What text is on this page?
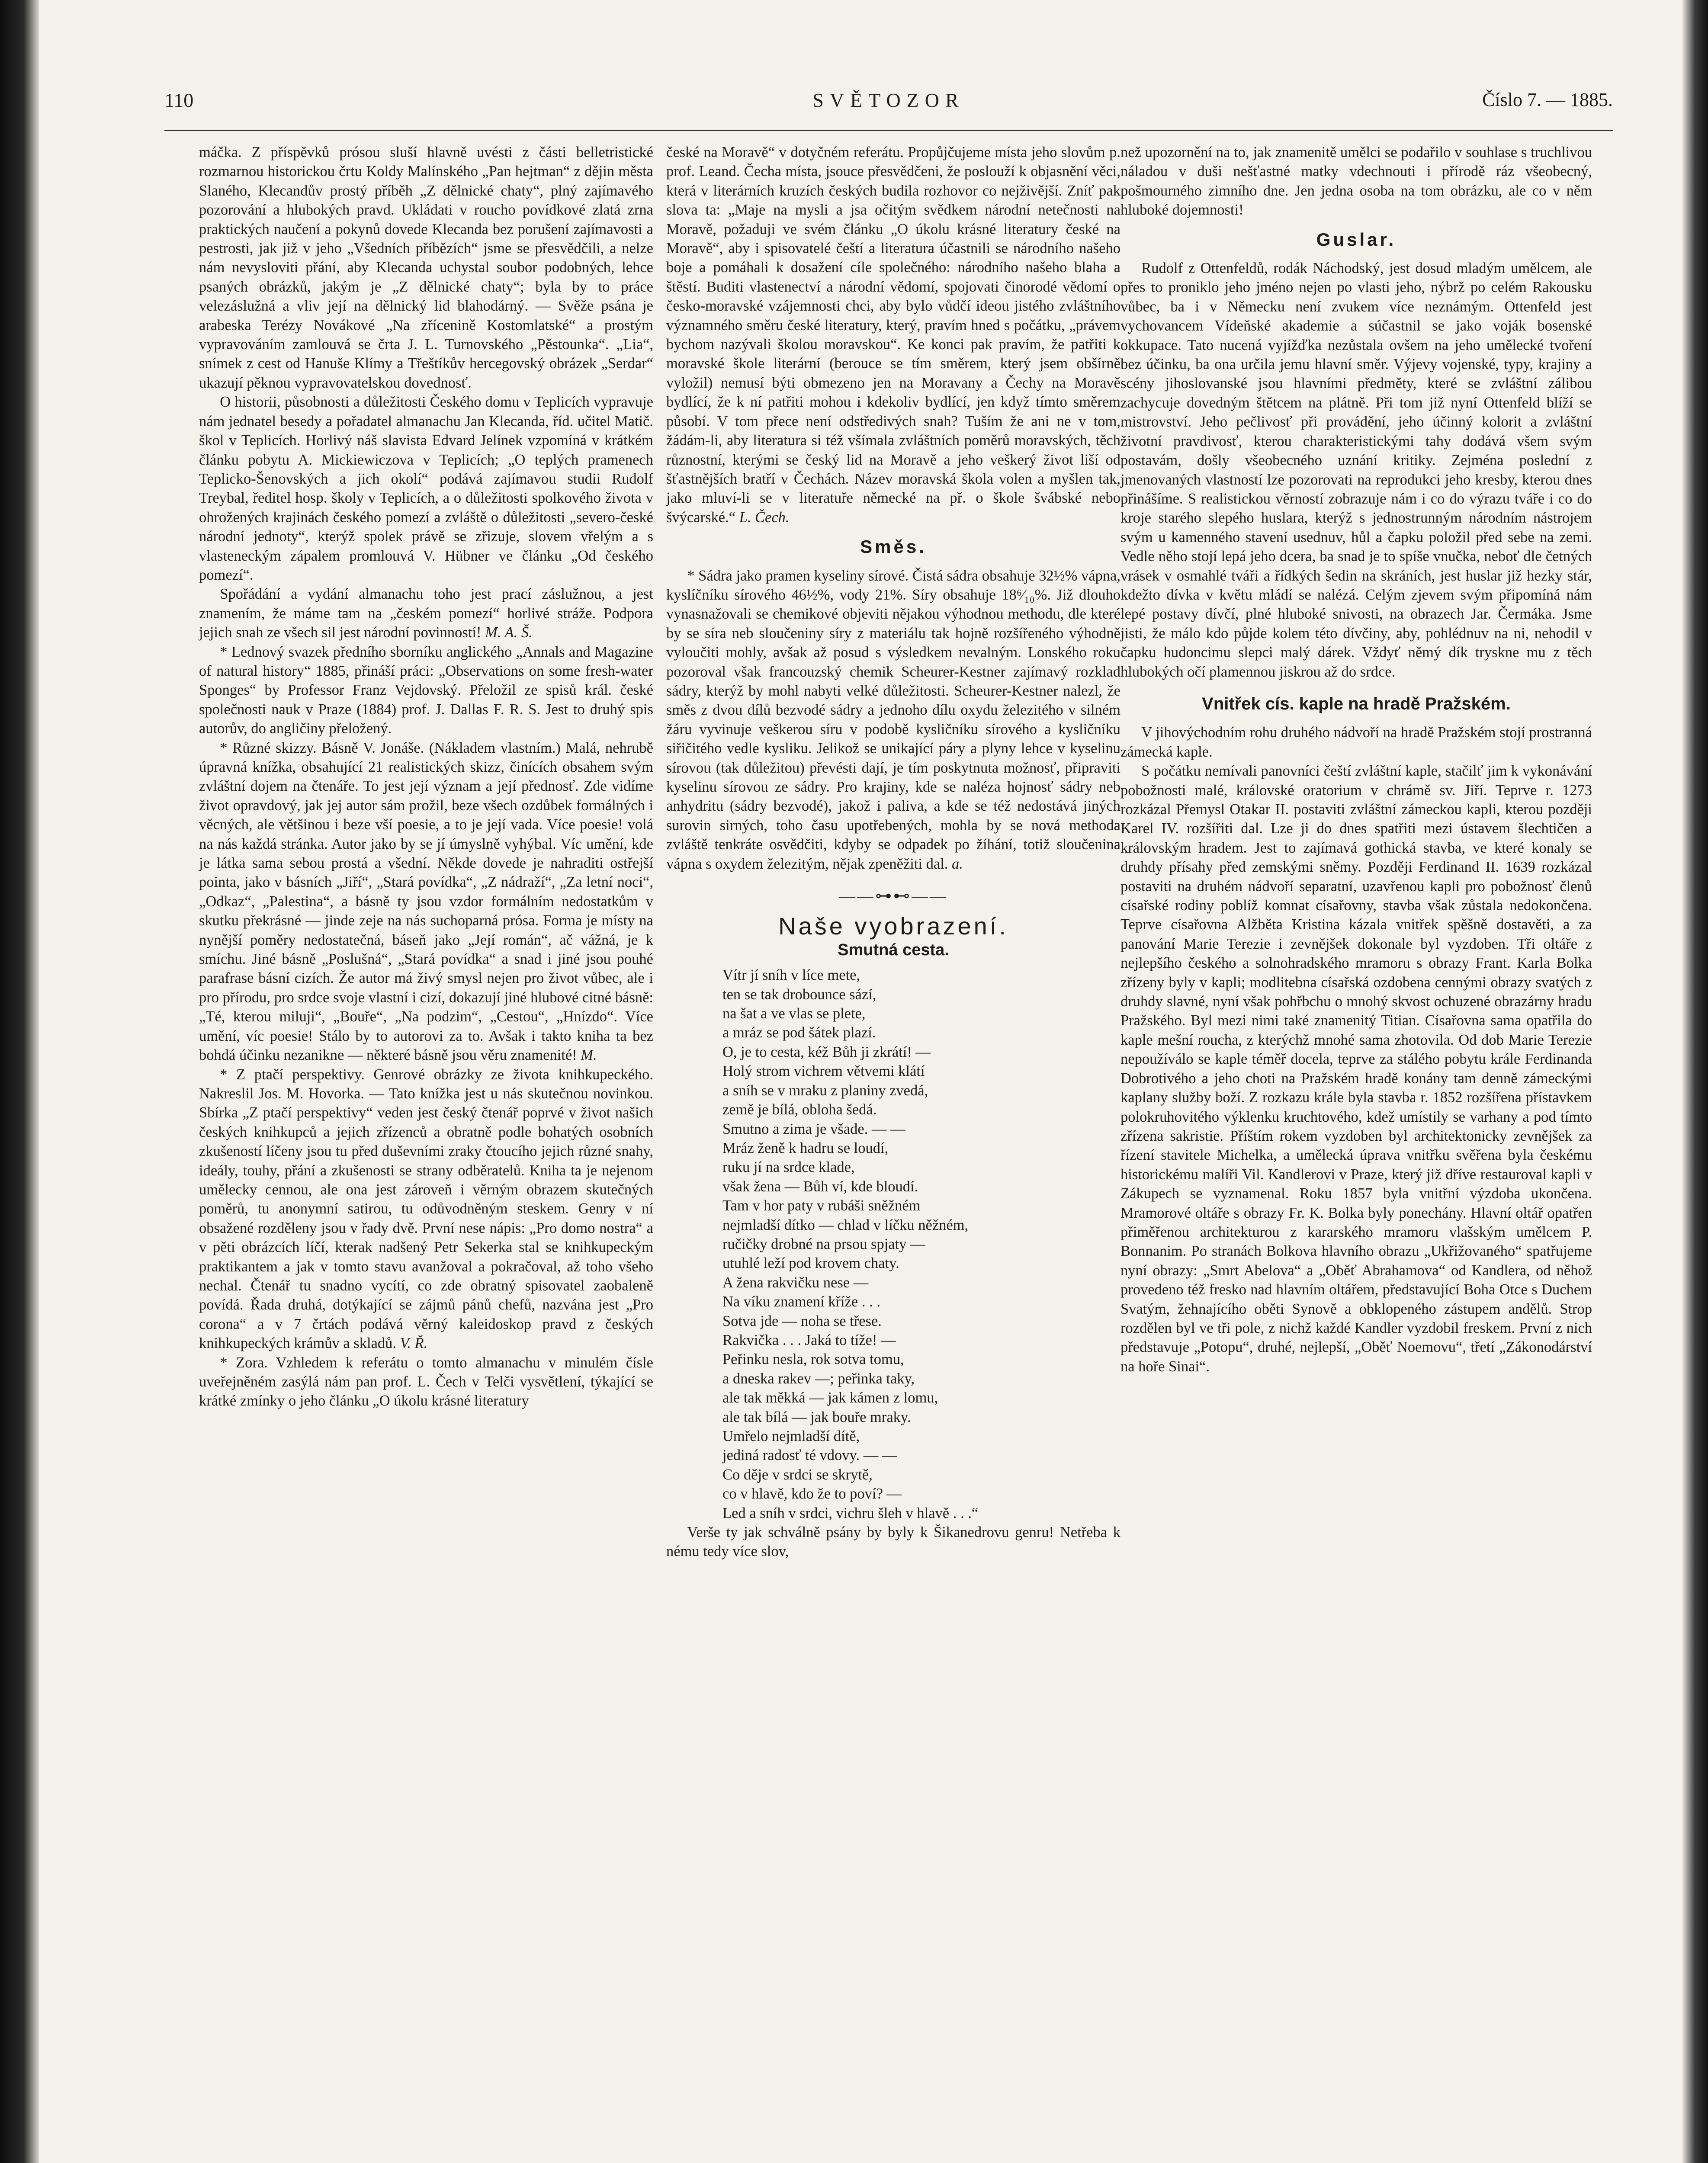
110	SVĚTOZOR	Číslo 7. — 1885.

máčka. Z příspěvků prósou sluší hlavně uvésti z části belletristické rozmarnou historickou črtu Koldy Malínského „Pan hejtman“ z dějin města Slaného, Klecandův prostý příběh „Z dělnické chaty“, plný zajímavého pozorování a hlubokých pravd. Ukládati v roucho povídkové zlatá zrna praktických naučení a pokynů dovede Klecanda bez porušení zajímavosti a pestrosti, jak již v jeho „Všedních příbězích“ jsme se přesvědčili, a nelze nám nevysloviti přání, aby Klecanda uchystal soubor podobných, lehce psaných obrázků, jakým je „Z dělnické chaty“; byla by to práce velezáslužná a vliv její na dělnický lid blahodárný. — Svěže psána je arabeska Terézy Novákové „Na zřícenině Kostomlatské“ a prostým vypravováním zamlouvá se črta J. L. Turnovského „Pěstounka“. „Lia“, snímek z cest od Hanuše Klímy a Třeštíkův hercegovský obrázek „Serdar“ ukazují pěknou vypravovatelskou dovednosť.

O historii, působnosti a důležitosti Českého domu v Teplicích vypravuje nám jednatel besedy a pořadatel almanachu Jan Klecanda, říd. učitel Matič. škol v Teplicích. Horlivý náš slavista Edvard Jelínek vzpomíná v krátkém článku pobytu A. Mickiewiczova v Teplicích; „O teplých pramenech Teplicko-Šenovských a jich okolí“ podává zajímavou studii Rudolf Treybal, ředitel hosp. školy v Teplicích, a o důležitosti spolkového života v ohrožených krajinách českého pomezí a zvláště o důležitosti „severo-české národní jednoty“, kterýž spolek právě se zřizuje, slovem vřelým a s vlasteneckým zápalem promlouvá V. Hübner ve článku „Od českého pomezí“.

Spořádání a vydání almanachu toho jest prací záslužnou, a jest znamením, že máme tam na „českém pomezí“ horlivé stráže. Podpora jejich snah ze všech sil jest národní povinností! M. A. Š.

* Lednový svazek předního sborníku anglického „Annals and Magazine of natural history“ 1885, přináší práci: „Observations on some fresh-water Sponges“ by Professor Franz Vejdovský. Přeložil ze spisů král. české společnosti nauk v Praze (1884) prof. J. Dallas F. R. S. Jest to druhý spis autorův, do angličiny přeložený.

* Různé skizzy. Básně V. Jonáše. (Nákladem vlastním.) Malá, nehrubě úpravná knížka, obsahující 21 realistických skizz, činících obsahem svým zvláštní dojem na čtenáře. To jest její význam a její přednosť. Zde vidíme život opravdový, jak jej autor sám prožil, beze všech ozdůbek formálných i věcných, ale většinou i beze vší poesie, a to je její vada. Více poesie! volá na nás každá stránka. Autor jako by se jí úmyslně vyhýbal. Víc umění, kde je látka sama sebou prostá a všední. Někde dovede je nahraditi ostřejší pointa, jako v básních „Jiří“, „Stará povídka“, „Z nádraží“, „Za letní noci“, „Odkaz“, „Palestina“, a básně ty jsou vzdor formálním nedostatkům v skutku překrásné — jinde zeje na nás suchoparná prósa. Forma je místy na nynější poměry nedostatečná, báseň jako „Její román“, ač vážná, je k smíchu. Jiné básně „Poslušná“, „Stará povídka“ a snad i jiné jsou pouhé parafrase básní cizích. Že autor má živý smysl nejen pro život vůbec, ale i pro přírodu, pro srdce svoje vlastní i cizí, dokazují jiné hlubové citné básně: „Té, kterou miluji“, „Bouře“, „Na podzim“, „Cestou“, „Hnízdo“. Více umění, víc poesie! Stálo by to autorovi za to. Avšak i takto kniha ta bez bohdá účinku nezanikne — některé básně jsou věru znamenité! M.

* Z ptačí perspektivy. Genrové obrázky ze života knihkupeckého. Nakreslil Jos. M. Hovorka. — Tato knížka jest u nás skutečnou novinkou. Sbírka „Z ptačí perspektivy“ veden jest český čtenář poprvé v život našich českých knihkupců a jejich zřízenců a obratně podle bohatých osobních zkušeností líčeny jsou tu před duševními zraky čtoucího jejich různé snahy, ideály, touhy, přání a zkušenosti se strany odběratelů. Kniha ta je nejenom umělecky cennou, ale ona jest zároveň i věrným obrazem skutečných poměrů, tu anonymní satirou, tu odůvodněným steskem. Genry v ní obsažené rozděleny jsou v řady dvě. První nese nápis: „Pro domo nostra“ a v pěti obrázcích líčí, kterak nadšený Petr Sekerka stal se knihkupeckým praktikantem a jak v tomto stavu avanžoval a pokračoval, až toho všeho nechal. Čtenář tu snadno vycítí, co zde obratný spisovatel zaobaleně povídá. Řada druhá, dotýkající se zájmů pánů chefů, nazvána jest „Pro corona“ a v 7 črtách podává věrný kaleidoskop pravd z českých knihkupeckých krámův a skladů. V. Ř.

* Zora. Vzhledem k referátu o tomto almanachu v minulém čísle uveřejněném zasýlá nám pan prof. L. Čech v Telči vysvětlení, týkající se krátké zmínky o jeho článku „O úkolu krásné literatury

české na Moravě“ v dotyčném referátu. Propůjčujeme místa jeho slovům p. prof. Leand. Čecha místa, jsouce přesvědčeni, že poslouží k objasnění věci, která v literárních kruzích českých budila rozhovor co nejživější. Zníť pak slova ta: „Maje na mysli a jsa očitým svědkem národní netečnosti na Moravě, požaduji ve svém článku „O úkolu krásné literatury české na Moravě“, aby i spisovatelé čeští a literatura účastnili se národního našeho boje a pomáhali k dosažení cíle společného: národního našeho blaha a štěstí. Buditi vlastenectví a národní vědomí, spojovati činorodé vědomí o česko-moravské vzájemnosti chci, aby bylo vůdčí ideou jistého zvláštního významného směru české literatury, který, pravím hned s počátku, „právem bychom nazývali školou moravskou“. Ke konci pak pravím, že patřiti k moravské škole literární (berouce se tím směrem, který jsem obšírně vyložil) nemusí býti obmezeno jen na Moravany a Čechy na Moravě bydlící, že k ní patřiti mohou i kdekoliv bydlící, jen když tímto směrem působí. V tom přece není odstředivých snah? Tuším že ani ne v tom, žádám-li, aby literatura si též všímala zvláštních poměrů moravských, těch různostní, kterými se český lid na Moravě a jeho veškerý život liší od šťastnějších bratří v Čechách. Název moravská škola volen a myšlen tak, jako mluví-li se v literatuře německé na př. o škole švábské nebo švýcarské.“ L. Čech.

Směs.

* Sádra jako pramen kyseliny sírové. Čistá sádra obsahuje 32½% vápna, kyslíčníku sírového 46½%, vody 21%. Síry obsahuje 18⁶⁄₁₀%. Již dlouho vynasnažovali se chemikové objeviti nějakou výhodnou methodu, dle které by se síra neb sloučeniny síry z materiálu tak hojně rozšířeného výhodně vyloučiti mohly, avšak až posud s výsledkem nevalným. Lonského roku pozoroval však francouzský chemik Scheurer-Kestner zajímavý rozklad sádry, kterýž by mohl nabyti velké důležitosti. Scheurer-Kestner nalezl, že směs z dvou dílů bezvodé sádry a jednoho dílu oxydu železitého v silném žáru vyvinuje veškerou síru v podobě kysličníku sírového a kysličníku siřičitého vedle kysliku. Jelikož se unikající páry a plyny lehce v kyselinu sírovou (tak důležitou) převésti dají, je tím poskytnuta možnosť, připraviti kyselinu sírovou ze sádry. Pro krajiny, kde se naléza hojnosť sádry neb anhydritu (sádry bezvodé), jakož i paliva, a kde se též nedostává jiných surovin sirných, toho času upotřebených, mohla by se nová methoda zvláště tenkráte osvědčiti, kdyby se odpadek po žíhání, totiž sloučenina vápna s oxydem železitým, nějak zpeněžiti dal. a.

——⊶⊷——
Naše vyobrazení.
Smutná cesta.
Vítr jí sníh v líce mete,
ten se tak drobounce sází,
na šat a ve vlas se plete,
a mráz se pod šátek plazí.
O, je to cesta, kéž Bůh ji zkrátí! —
Holý strom vichrem větvemi klátí
a sníh se v mraku z planiny zvedá,
země je bílá, obloha šedá.
Smutno a zima je všade. — —
Mráz ženě k hadru se loudí,
ruku jí na srdce klade,
však žena — Bůh ví, kde bloudí.
Tam v hor paty v rubáši sněžném
nejmladší dítko — chlad v líčku něžném,
ručičky drobné na prsou spjaty —
utuhlé leží pod krovem chaty.
A žena rakvičku nese —
Na víku znamení kříže . . .
Sotva jde — noha se třese.
Rakvička . . . Jaká to tíže! —
Peřinku nesla, rok sotva tomu,
a dneska rakev —; peřinka taky,
ale tak měkká — jak kámen z lomu,
ale tak bílá — jak bouře mraky.
Umřelo nejmladší dítě,
jediná radosť té vdovy. — —
Co děje v srdci se skrytě,
co v hlavě, kdo že to poví? —
Led a sníh v srdci, vichru šleh v hlavě . . .“

Verše ty jak schválně psány by byly k Šikanedrovu genru! Netřeba k nému tedy více slov,

než upozornění na to, jak znamenitě umělci se podařilo v souhlase s truchlivou náladou v duši nešťastné matky vdechnouti i přírodě ráz všeobecný, pošmourného zimního dne. Jen jedna osoba na tom obrázku, ale co v něm hluboké dojemnosti!

Guslar.

Rudolf z Ottenfeldů, rodák Náchodský, jest dosud mladým umělcem, ale přes to proniklo jeho jméno nejen po vlasti jeho, nýbrž po celém Rakousku vůbec, ba i v Německu není zvukem více neznámým. Ottenfeld jest vychovancem Vídeňské akademie a súčastnil se jako voják bosenské okkupace. Tato nucená vyjížďka nezůstala ovšem na jeho umělecké tvoření bez účinku, ba ona určila jemu hlavní směr. Výjevy vojenské, typy, krajiny a scény jihoslovanské jsou hlavními předměty, které se zvláštní zálibou zachycuje dovedným štětcem na plátně. Při tom již nyní Ottenfeld blíží se mistrovství. Jeho pečlivosť při provádění, jeho účinný kolorit a zvláštní životní pravdivosť, kterou charakteristickými tahy dodává všem svým postavám, došly všeobecného uznání kritiky. Zejména poslední z jmenovaných vlastností lze pozorovati na reprodukci jeho kresby, kterou dnes přinášíme. S realistickou věrností zobrazuje nám i co do výrazu tváře i co do kroje starého slepého huslara, kterýž s jednostrunným národním nástrojem svým u kamenného stavení usednuv, hůl a čapku položil před sebe na zemi. Vedle něho stojí lepá jeho dcera, ba snad je to spíše vnučka, neboť dle četných vrásek v osmahlé tváři a řídkých šedin na skráních, jest huslar již hezky stár, kdežto dívka v květu mládí se nalézá. Celým zjevem svým připomíná nám lepé postavy dívčí, plné hluboké snivosti, na obrazech Jar. Čermáka. Jsme jisti, že málo kdo půjde kolem této dívčiny, aby, pohlédnuv na ni, nehodil v čapku hudoncimu slepci malý dárek. Vždyť němý dík tryskne mu z těch hlubokých očí plamennou jiskrou až do srdce.

Vnitřek cís. kaple na hradě Pražském.

V jihovýchodním rohu druhého nádvoří na hradě Pražském stojí prostranná zámecká kaple.

S počátku nemívali panovníci čeští zvláštní kaple, stačilť jim k vykonávání pobožnosti malé, královské oratorium v chrámě sv. Jiří. Teprve r. 1273 rozkázal Přemysl Otakar II. postaviti zvláštní zámeckou kapli, kterou později Karel IV. rozšířiti dal. Lze ji do dnes spatřiti mezi ústavem šlechtičen a královským hradem. Jest to zajímavá gothická stavba, ve které konaly se druhdy přísahy před zemskými sněmy. Později Ferdinand II. 1639 rozkázal postaviti na druhém nádvoří separatní, uzavřenou kapli pro pobožnosť členů císařské rodiny poblíž komnat císařovny, stavba však zůstala nedokončena. Teprve císařovna Alžběta Kristina kázala vnitřek spěšně dostavěti, a za panování Marie Terezie i zevnějšek dokonale byl vyzdoben. Tři oltáře z nejlepšího českého a solnohradského mramoru s obrazy Frant. Karla Bolka zřízeny byly v kapli; modlitebna císařská ozdobena cennými obrazy svatých z druhdy slavné, nyní však pohřbchu o mnohý skvost ochuzené obrazárny hradu Pražského. Byl mezi nimi také znamenitý Titian. Císařovna sama opatřila do kaple mešní roucha, z kterýchž mnohé sama zhotovila. Od dob Marie Terezie nepoužíválo se kaple téměř docela, teprve za stálého pobytu krále Ferdinanda Dobrotivého a jeho choti na Pražském hradě konány tam denně zámeckými kaplany služby boží. Z rozkazu krále byla stavba r. 1852 rozšířena přístavkem polokruhovitého výklenku kruchtového, kdež umístily se varhany a pod tímto zřízena sakristie. Příštím rokem vyzdoben byl architektonicky zevnějšek za řízení stavitele Michelka, a umělecká úprava vnitřku svěřena byla českému historickému malíři Vil. Kandlerovi v Praze, který již dříve restauroval kapli v Zákupech se vyznamenal. Roku 1857 byla vnitřní výzdoba ukončena. Mramorové oltáře s obrazy Fr. K. Bolka byly ponechány. Hlavní oltář opatřen přiměřenou architekturou z kararského mramoru vlašským umělcem P. Bonnanim. Po stranách Bolkova hlavního obrazu „Ukřižovaného“ spatřujeme nyní obrazy: „Smrt Abelova“ a „Oběť Abrahamova“ od Kandlera, od něhož provedeno též fresko nad hlavním oltářem, představující Boha Otce s Duchem Svatým, žehnajícího oběti Synově a obklopeného zástupem andělů. Strop rozdělen byl ve tři pole, z nichž každé Kandler vyzdobil freskem. První z nich představuje „Potopu“, druhé, nejlepší, „Oběť Noemovu“, třetí „Zákonodárství na hoře Sinai“.
